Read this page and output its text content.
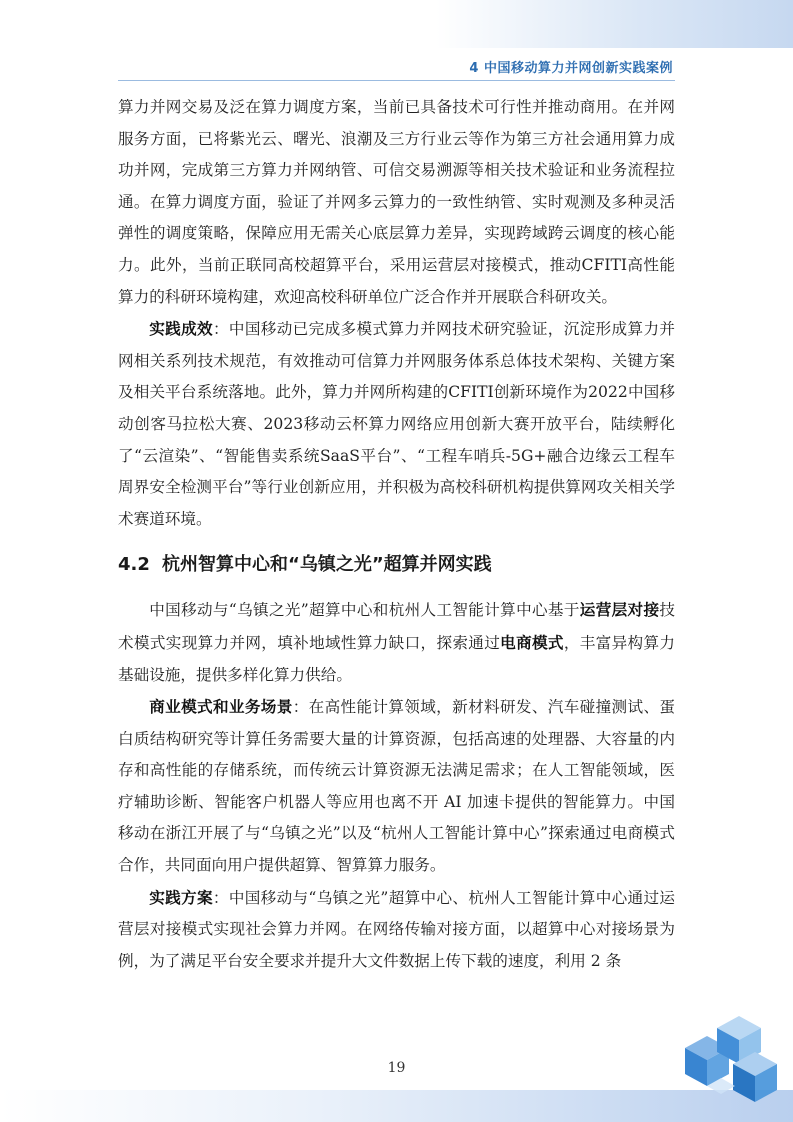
4 中国移动算力并网创新实践案例

算力并网交易及泛在算力调度方案，当前已具备技术可行性并推动商用。在并网服务方面，已将紫光云、曙光、浪潮及三方行业云等作为第三方社会通用算力成功并网，完成第三方算力并网纳管、可信交易溯源等相关技术验证和业务流程拉通。在算力调度方面，验证了并网多云算力的一致性纳管、实时观测及多种灵活弹性的调度策略，保障应用无需关心底层算力差异，实现跨域跨云调度的核心能力。此外，当前正联同高校超算平台，采用运营层对接模式，推动CFITI高性能算力的科研环境构建，欢迎高校科研单位广泛合作并开展联合科研攻关。

实践成效：中国移动已完成多模式算力并网技术研究验证，沉淀形成算力并网相关系列技术规范，有效推动可信算力并网服务体系总体技术架构、关键方案及相关平台系统落地。此外，算力并网所构建的CFITI创新环境作为2022中国移动创客马拉松大赛、2023移动云杯算力网络应用创新大赛开放平台，陆续孵化了“云渲染”、“智能售卖系统SaaS平台”、“工程车哨兵-5G+融合边缘云工程车周界安全检测平台”等行业创新应用，并积极为高校科研机构提供算网攻关相关学术赛道环境。

4.2 杭州智算中心和“乌镇之光”超算并网实践

中国移动与“乌镇之光”超算中心和杭州人工智能计算中心基于运营层对接技术模式实现算力并网，填补地域性算力缺口，探索通过电商模式，丰富异构算力基础设施，提供多样化算力供给。

商业模式和业务场景：在高性能计算领域，新材料研发、汽车碰撞测试、蛋白质结构研究等计算任务需要大量的计算资源，包括高速的处理器、大容量的内存和高性能的存储系统，而传统云计算资源无法满足需求；在人工智能领域，医疗辅助诊断、智能客户机器人等应用也离不开 AI 加速卡提供的智能算力。中国移动在浙江开展了与“乌镇之光”以及“杭州人工智能计算中心”探索通过电商模式合作，共同面向用户提供超算、智算算力服务。

实践方案：中国移动与“乌镇之光”超算中心、杭州人工智能计算中心通过运营层对接模式实现社会算力并网。在网络传输对接方面，以超算中心对接场景为例，为了满足平台安全要求并提升大文件数据上传下载的速度，利用 2 条

19
